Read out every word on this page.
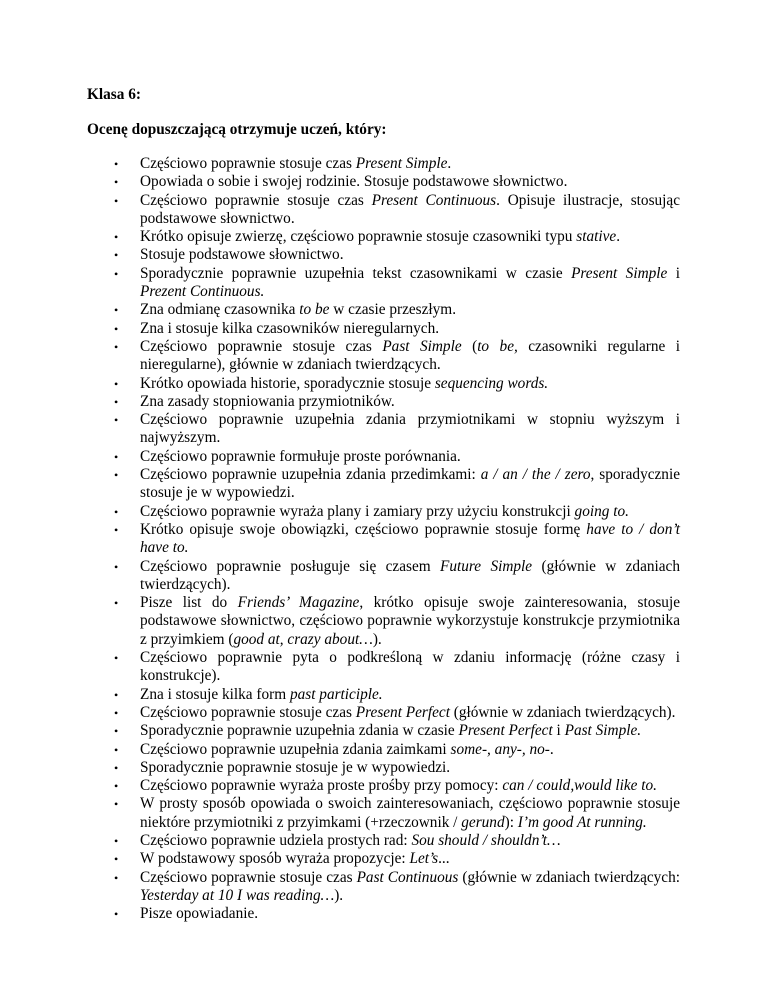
Klasa 6:

Ocenę dopuszczającą otrzymuje uczeń, który:

• Częściowo poprawnie stosuje czas Present Simple.
• Opowiada o sobie i swojej rodzinie. Stosuje podstawowe słownictwo.
• Częściowo poprawnie stosuje czas Present Continuous. Opisuje ilustracje, stosując podstawowe słownictwo.
• Krótko opisuje zwierzę, częściowo poprawnie stosuje czasowniki typu stative.
• Stosuje podstawowe słownictwo.
• Sporadycznie poprawnie uzupełnia tekst czasownikami w czasie Present Simple i Prezent Continuous.
• Zna odmianę czasownika to be w czasie przeszłym.
• Zna i stosuje kilka czasowników nieregularnych.
• Częściowo poprawnie stosuje czas Past Simple (to be, czasowniki regularne i nieregularne), głównie w zdaniach twierdzących.
• Krótko opowiada historie, sporadycznie stosuje sequencing words.
• Zna zasady stopniowania przymiotników.
• Częściowo poprawnie uzupełnia zdania przymiotnikami w stopniu wyższym i najwyższym.
• Częściowo poprawnie formułuje proste porównania.
• Częściowo poprawnie uzupełnia zdania przedimkami: a / an / the / zero, sporadycznie stosuje je w wypowiedzi.
• Częściowo poprawnie wyraża plany i zamiary przy użyciu konstrukcji going to.
• Krótko opisuje swoje obowiązki, częściowo poprawnie stosuje formę have to / don’t have to.
• Częściowo poprawnie posługuje się czasem Future Simple (głównie w zdaniach twierdzących).
• Pisze list do Friends’ Magazine, krótko opisuje swoje zainteresowania, stosuje podstawowe słownictwo, częściowo poprawnie wykorzystuje konstrukcje przymiotnika z przyimkiem (good at, crazy about…).
• Częściowo poprawnie pyta o podkreśloną w zdaniu informację (różne czasy i konstrukcje).
• Zna i stosuje kilka form past participle.
• Częściowo poprawnie stosuje czas Present Perfect (głównie w zdaniach twierdzących).
• Sporadycznie poprawnie uzupełnia zdania w czasie Present Perfect i Past Simple.
• Częściowo poprawnie uzupełnia zdania zaimkami some-, any-, no-.
• Sporadycznie poprawnie stosuje je w wypowiedzi.
• Częściowo poprawnie wyraża proste prośby przy pomocy: can / could,would like to.
• W prosty sposób opowiada o swoich zainteresowaniach, częściowo poprawnie stosuje niektóre przymiotniki z przyimkami (+rzeczownik / gerund): I’m good At running.
• Częściowo poprawnie udziela prostych rad: Sou should / shouldn’t…
• W podstawowy sposób wyraża propozycje: Let’s...
• Częściowo poprawnie stosuje czas Past Continuous (głównie w zdaniach twierdzących: Yesterday at 10 I was reading…).
• Pisze opowiadanie.
